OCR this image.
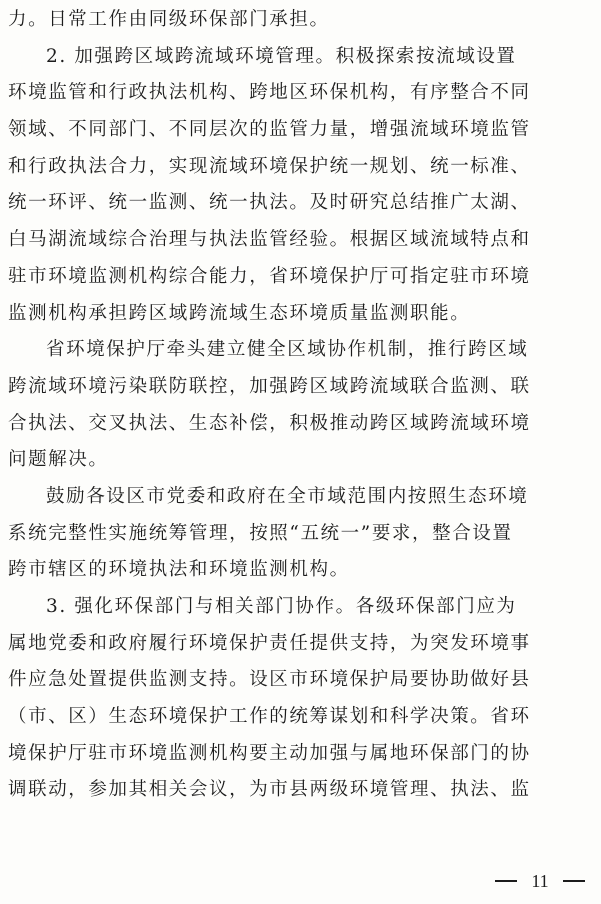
力。日常工作由同级环保部门承担。
2. 加强跨区域跨流域环境管理。积极探索按流域设置
环境监管和行政执法机构、跨地区环保机构，有序整合不同
领域、不同部门、不同层次的监管力量，增强流域环境监管
和行政执法合力，实现流域环境保护统一规划、统一标准、
统一环评、统一监测、统一执法。及时研究总结推广太湖、
白马湖流域综合治理与执法监管经验。根据区域流域特点和
驻市环境监测机构综合能力，省环境保护厅可指定驻市环境
监测机构承担跨区域跨流域生态环境质量监测职能。
省环境保护厅牵头建立健全区域协作机制，推行跨区域
跨流域环境污染联防联控，加强跨区域跨流域联合监测、联
合执法、交叉执法、生态补偿，积极推动跨区域跨流域环境
问题解决。
鼓励各设区市党委和政府在全市域范围内按照生态环境
系统完整性实施统筹管理，按照“五统一”要求，整合设置
跨市辖区的环境执法和环境监测机构。
3. 强化环保部门与相关部门协作。各级环保部门应为
属地党委和政府履行环境保护责任提供支持，为突发环境事
件应急处置提供监测支持。设区市环境保护局要协助做好县
（市、区）生态环境保护工作的统筹谋划和科学决策。省环
境保护厅驻市环境监测机构要主动加强与属地环保部门的协
调联动，参加其相关会议，为市县两级环境管理、执法、监
11
